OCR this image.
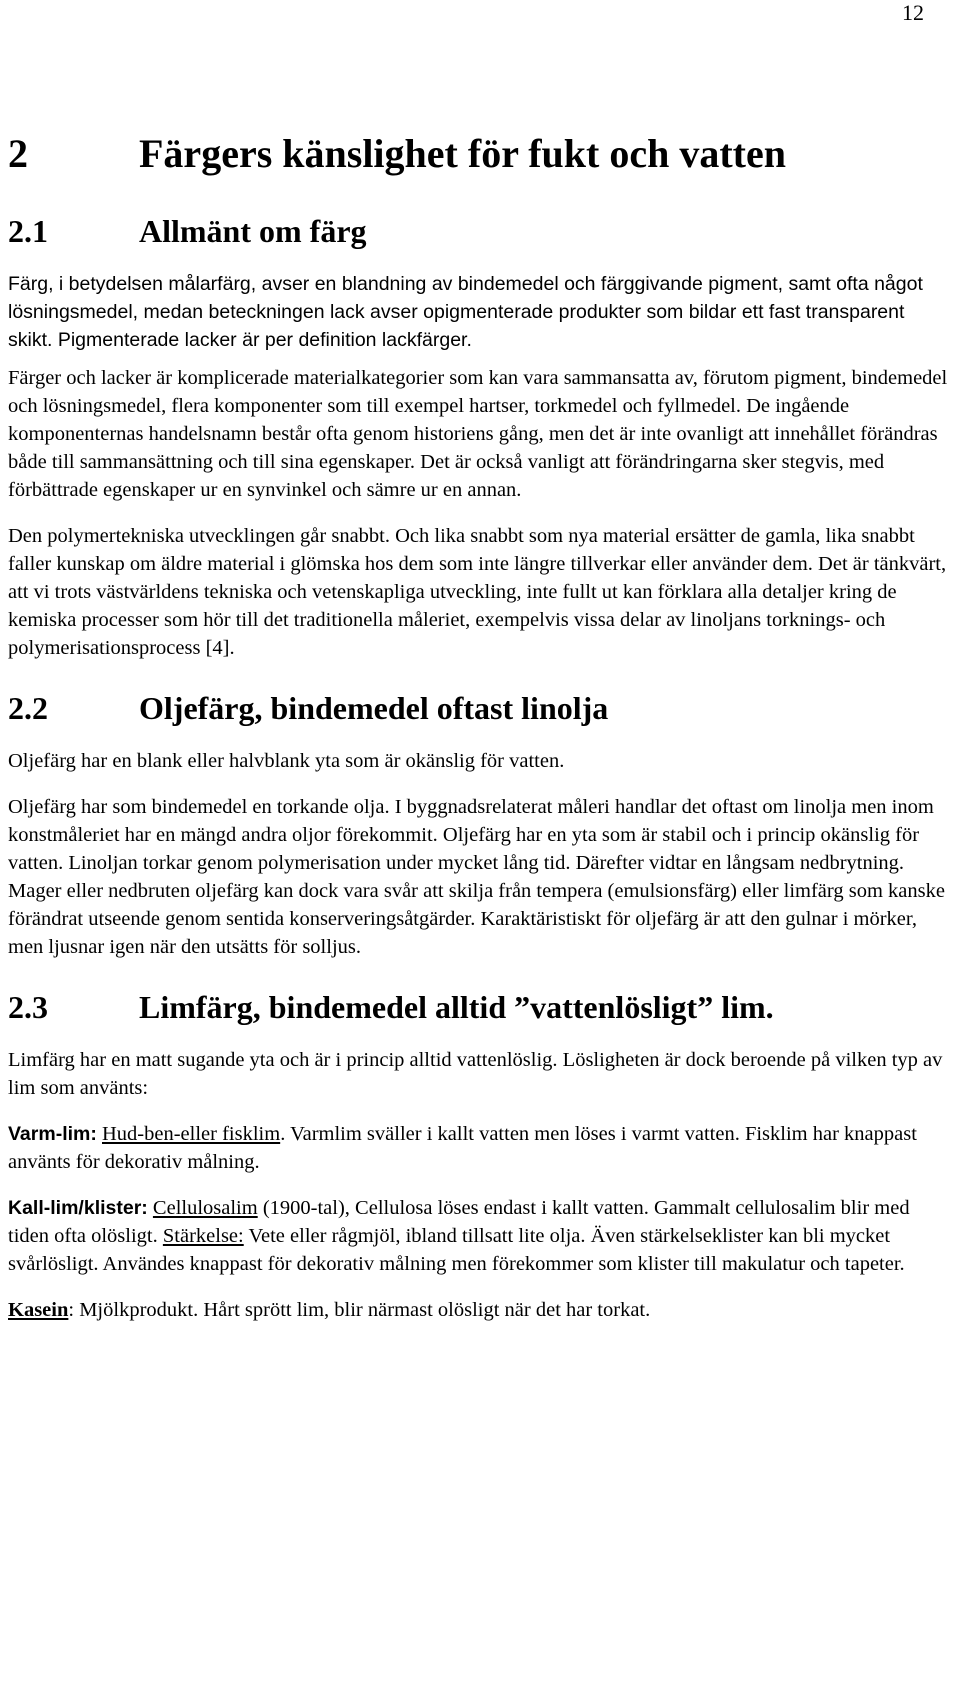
12
2	Färgers känslighet för fukt och vatten
2.1	Allmänt om färg

Färg, i betydelsen målarfärg, avser en blandning av bindemedel och färggivande pigment, samt ofta något lösningsmedel, medan beteckningen lack avser opigmenterade produkter som bildar ett fast transparent skikt. Pigmenterade lacker är per definition lackfärger.

Färger och lacker är komplicerade materialkategorier som kan vara sammansatta av, förutom pigment, bindemedel och lösningsmedel, flera komponenter som till exempel hartser, torkmedel och fyllmedel. De ingående komponenternas handelsnamn består ofta genom historiens gång, men det är inte ovanligt att innehållet förändras både till sammansättning och till sina egenskaper. Det är också vanligt att förändringarna sker stegvis, med förbättrade egenskaper ur en synvinkel och sämre ur en annan.

Den polymertekniska utvecklingen går snabbt. Och lika snabbt som nya material ersätter de gamla, lika snabbt faller kunskap om äldre material i glömska hos dem som inte längre tillverkar eller använder dem. Det är tänkvärt, att vi trots västvärldens tekniska och vetenskapliga utveckling, inte fullt ut kan förklara alla detaljer kring de kemiska processer som hör till det traditionella måleriet, exempelvis vissa delar av linoljans torknings- och polymerisationsprocess [4].

2.2	Oljefärg, bindemedel oftast linolja

Oljefärg har en blank eller halvblank yta som är okänslig för vatten.

Oljefärg har som bindemedel en torkande olja. I byggnadsrelaterat måleri handlar det oftast om linolja men inom konstmåleriet har en mängd andra oljor förekommit. Oljefärg har en yta som är stabil och i princip okänslig för vatten. Linoljan torkar genom polymerisation under mycket lång tid. Därefter vidtar en långsam nedbrytning. Mager eller nedbruten oljefärg kan dock vara svår att skilja från tempera (emulsionsfärg) eller limfärg som kanske förändrat utseende genom sentida konserveringsåtgärder. Karaktäristiskt för oljefärg är att den gulnar i mörker, men ljusnar igen när den utsätts för solljus.

2.3	Limfärg, bindemedel alltid ”vattenlösligt” lim.

Limfärg har en matt sugande yta och är i princip alltid vattenlöslig. Lösligheten är dock beroende på vilken typ av lim som använts:

Varm-lim: Hud-ben-eller fisklim. Varmlim sväller i kallt vatten men löses i varmt vatten. Fisklim har knappast använts för dekorativ målning.

Kall-lim/klister: Cellulosalim (1900-tal), Cellulosa löses endast i kallt vatten. Gammalt cellulosalim blir med tiden ofta olösligt. Stärkelse: Vete eller rågmjöl, ibland tillsatt lite olja. Även stärkelseklister kan bli mycket svårlösligt. Användes knappast för dekorativ målning men förekommer som klister till makulatur och tapeter.

Kasein: Mjölkprodukt. Hårt sprött lim, blir närmast olösligt när det har torkat.
